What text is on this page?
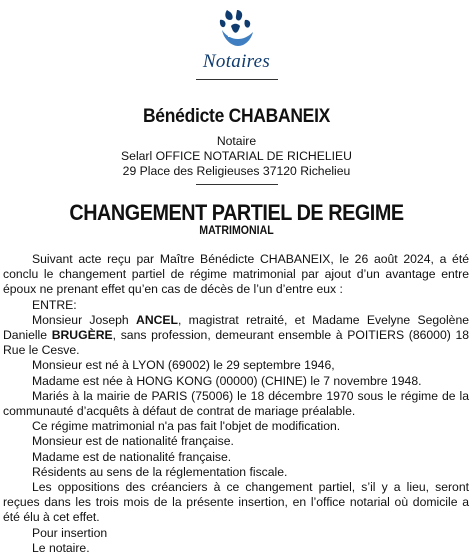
Notaires
Bénédicte CHABANEIX
Notaire
Selarl OFFICE NOTARIAL DE RICHELIEU
29 Place des Religieuses 37120 Richelieu
CHANGEMENT PARTIEL DE REGIME
MATRIMONIAL

Suivant acte reçu par Maître Bénédicte CHABANEIX, le 26 août 2024, a été conclu le changement partiel de régime matrimonial par ajout d’un avantage entre époux ne prenant effet qu’en cas de décès de l’un d’entre eux :

ENTRE:

Monsieur Joseph ANCEL, magistrat retraité, et Madame Evelyne Segolène Danielle BRUGÈRE, sans profession, demeurant ensemble à POITIERS (86000) 18 Rue le Cesve.

Monsieur est né à LYON (69002) le 29 septembre 1946,

Madame est née à HONG KONG (00000) (CHINE) le 7 novembre 1948.

Mariés à la mairie de PARIS (75006) le 18 décembre 1970 sous le régime de la communauté d’acquêts à défaut de contrat de mariage préalable.

Ce régime matrimonial n'a pas fait l'objet de modification.

Monsieur est de nationalité française.

Madame est de nationalité française.

Résidents au sens de la réglementation fiscale.

Les oppositions des créanciers à ce changement partiel, s’il y a lieu, seront reçues dans les trois mois de la présente insertion, en l’office notarial où domicile a été élu à cet effet.

Pour insertion

Le notaire.
